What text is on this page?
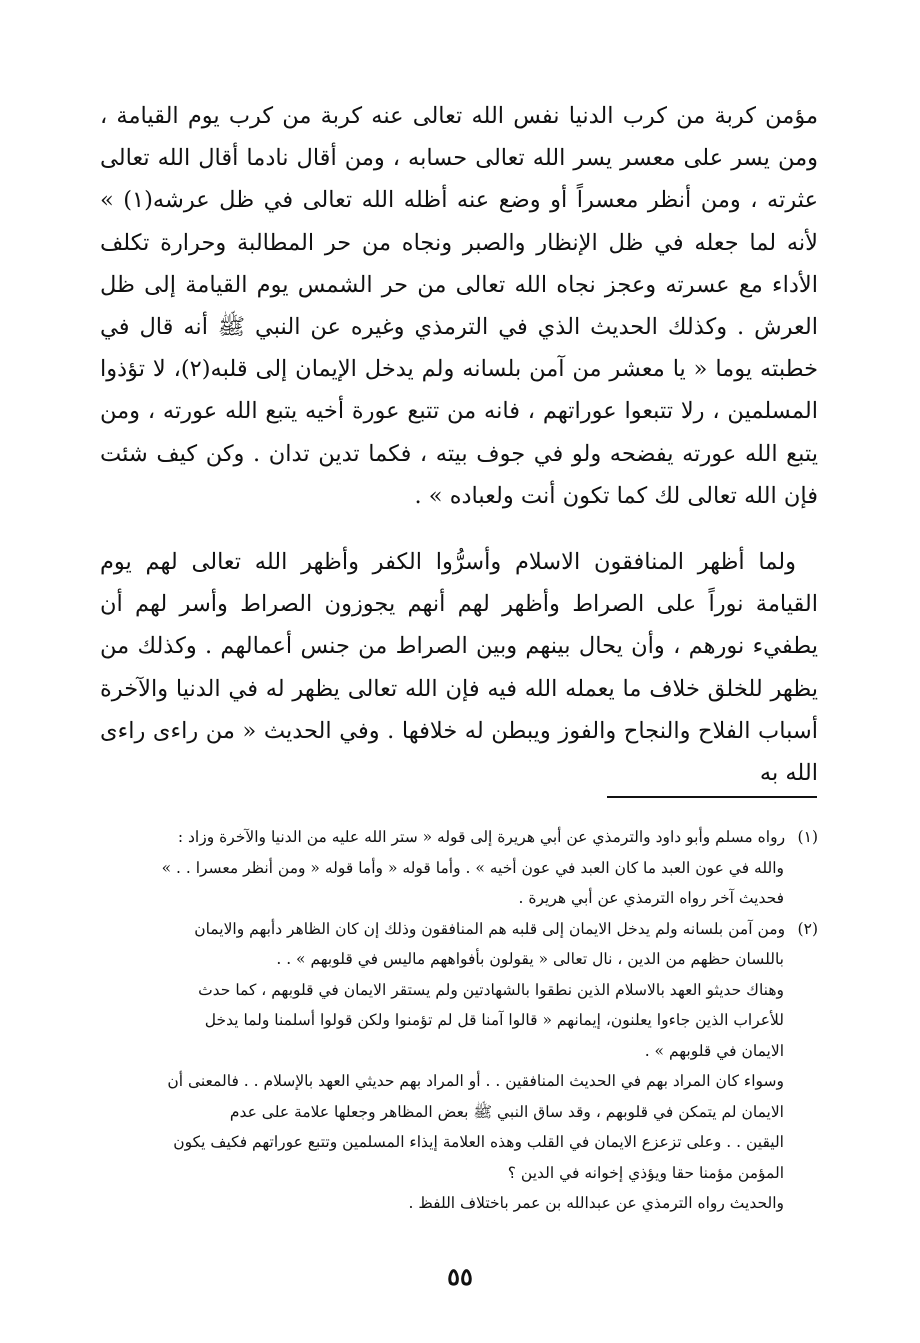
مؤمن كربة من كرب الدنيا نفس الله تعالى عنه كربة من كرب يوم القيامة ، ومن يسر على معسر يسر الله تعالى حسابه ، ومن أقال نادما أقال الله تعالى عثرته ، ومن أنظر معسراً أو وضع عنه أظله الله تعالى في ظل عرشه(١) » لأنه لما جعله في ظل الإنظار والصبر ونجاه من حر المطالبة وحرارة تكلف الأداء مع عسرته وعجز نجاه الله تعالى من حر الشمس يوم القيامة إلى ظل العرش . وكذلك الحديث الذي في الترمذي وغيره عن النبي ﷺ أنه قال في خطبته يوما « يا معشر من آمن بلسانه ولم يدخل الإيمان إلى قلبه(٢)، لا تؤذوا المسلمين ، رلا تتبعوا عوراتهم ، فانه من تتبع عورة أخيه يتبع الله عورته ، ومن يتبع الله عورته يفضحه ولو في جوف بيته ، فكما تدين تدان . وكن كيف شئت فإن الله تعالى لك كما تكون أنت ولعباده » .

ولما أظهر المنافقون الاسلام وأسرُّوا الكفر وأظهر الله تعالى لهم يوم القيامة نوراً على الصراط وأظهر لهم أنهم يجوزون الصراط وأسر لهم أن يطفيء نورهم ، وأن يحال بينهم وبين الصراط من جنس أعمالهم . وكذلك من يظهر للخلق خلاف ما يعمله الله فيه فإن الله تعالى يظهر له في الدنيا والآخرة أسباب الفلاح والنجاح والفوز ويبطن له خلافها . وفي الحديث « من راءى راءى الله به

(١) رواه مسلم وأبو داود والترمذي عن أبي هريرة إلى قوله « ستر الله عليه من الدنيا والآخرة وزاد :

والله في عون العبد ما كان العبد في عون أخيه » . وأما قوله « وأما قوله « ومن أنظر معسرا . . »

فحديث آخر رواه الترمذي عن أبي هريرة .

(٢) ومن آمن بلسانه ولم يدخل الايمان إلى قلبه هم المنافقون وذلك إن كان الظاهر دأبهم والايمان

باللسان حظهم من الدين ، نال تعالى « يقولون بأفواههم ماليس في قلوبهم » . .

وهناك حديثو العهد بالاسلام الذين نطقوا بالشهادتين ولم يستقر الايمان في قلوبهم ، كما حدث

للأعراب الذين جاءوا يعلنون، إيمانهم « قالوا آمنا قل لم تؤمنوا ولكن قولوا أسلمنا ولما يدخل

الايمان في قلوبهم » .

وسواء كان المراد بهم في الحديث المنافقين . . أو المراد بهم حديثي العهد بالإسلام . . فالمعنى أن

الايمان لم يتمكن في قلوبهم ، وقد ساق النبي ﷺ بعض المظاهر وجعلها علامة على عدم

اليقين . . وعلى تزعزع الايمان في القلب وهذه العلامة إيذاء المسلمين وتتبع عوراتهم فكيف يكون

المؤمن مؤمنا حقا ويؤذي إخوانه في الدين ؟

والحديث رواه الترمذي عن عبدالله بن عمر باختلاف اللفظ .

٥٥
